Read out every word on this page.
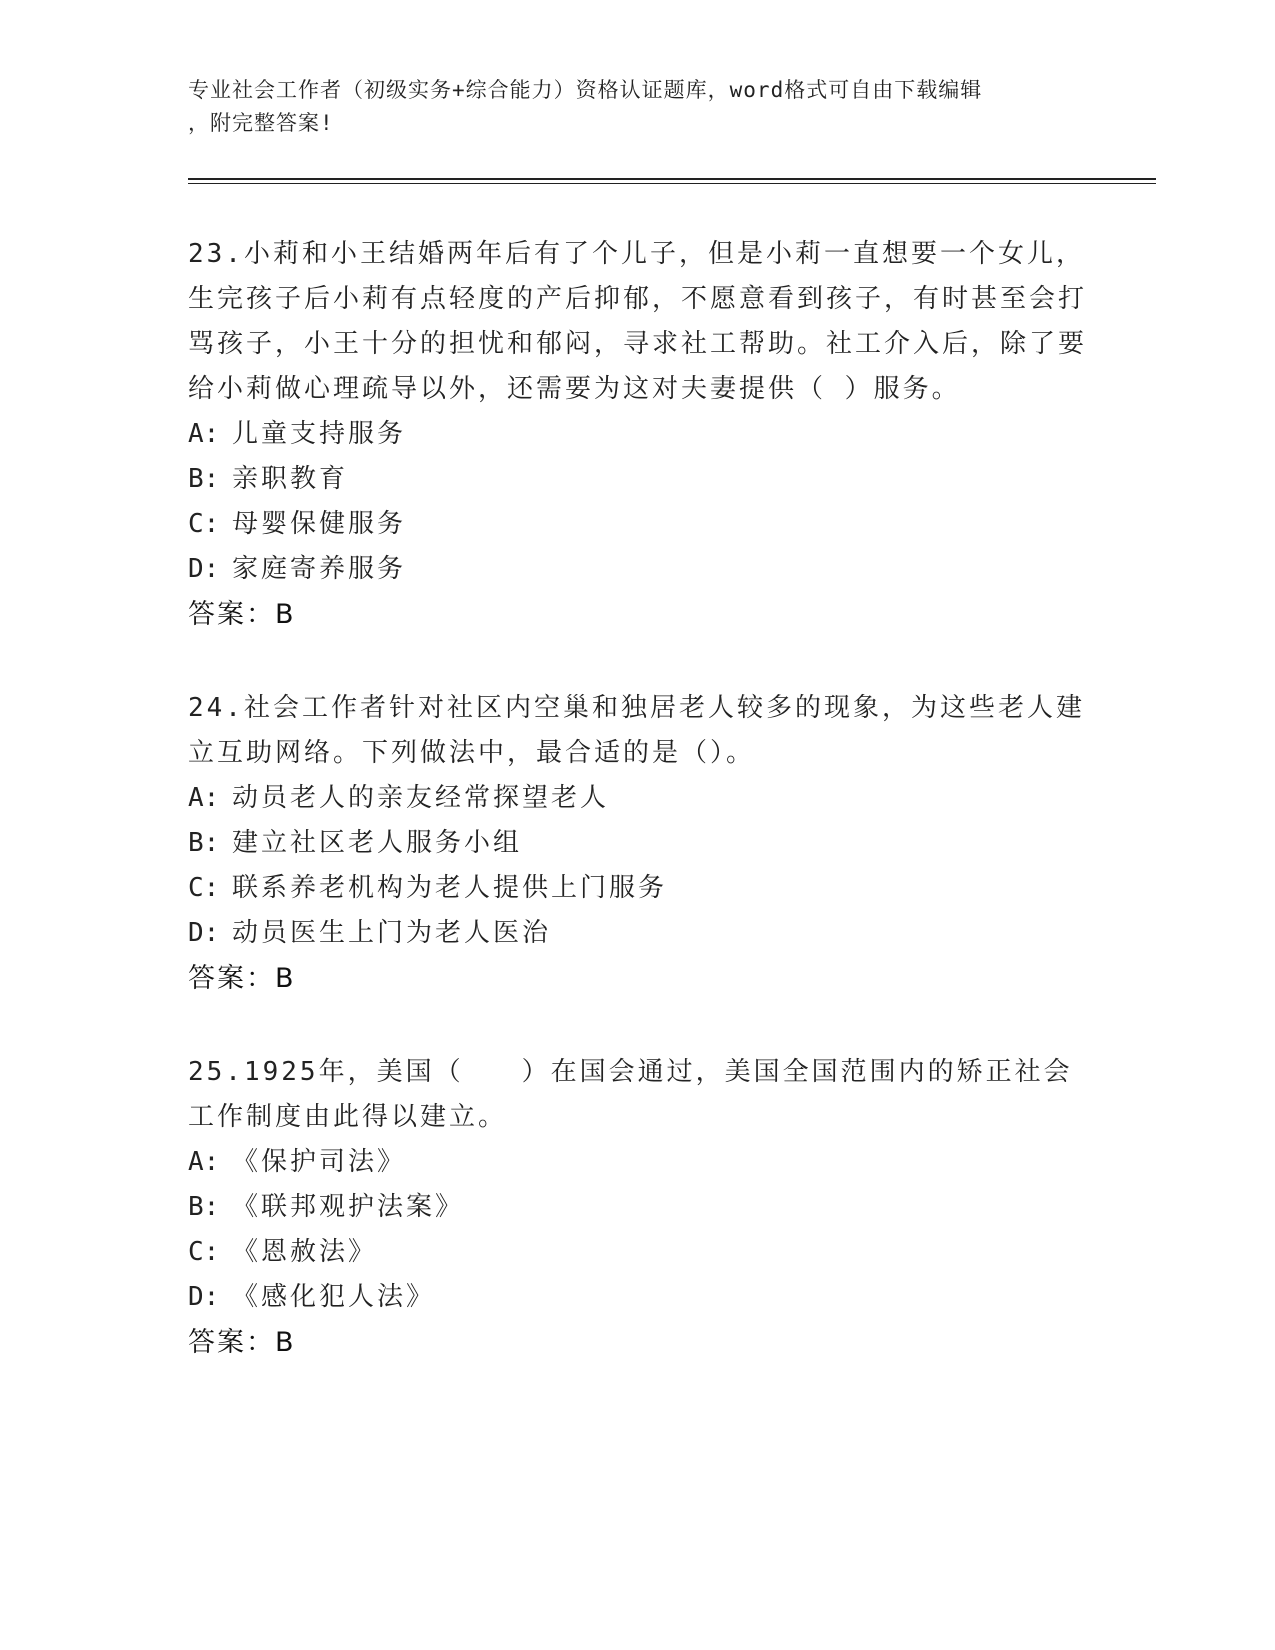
专业社会工作者（初级实务+综合能力）资格认证题库，word格式可自由下载编辑
，附完整答案!

23.小莉和小王结婚两年后有了个儿子，但是小莉一直想要一个女儿，生完孩子后小莉有点轻度的产后抑郁，不愿意看到孩子，有时甚至会打骂孩子，小王十分的担忧和郁闷，寻求社工帮助。社工介入后，除了要给小莉做心理疏导以外，还需要为这对夫妻提供（ ）服务。

A: 儿童支持服务

B: 亲职教育

C: 母婴保健服务

D: 家庭寄养服务

答案：B

24.社会工作者针对社区内空巢和独居老人较多的现象，为这些老人建立互助网络。下列做法中，最合适的是（）。

A: 动员老人的亲友经常探望老人

B: 建立社区老人服务小组

C: 联系养老机构为老人提供上门服务

D: 动员医生上门为老人医治

答案：B

25.1925年，美国（　　）在国会通过，美国全国范围内的矫正社会工作制度由此得以建立。

A: 《保护司法》

B: 《联邦观护法案》

C: 《恩赦法》

D: 《感化犯人法》

答案：B
